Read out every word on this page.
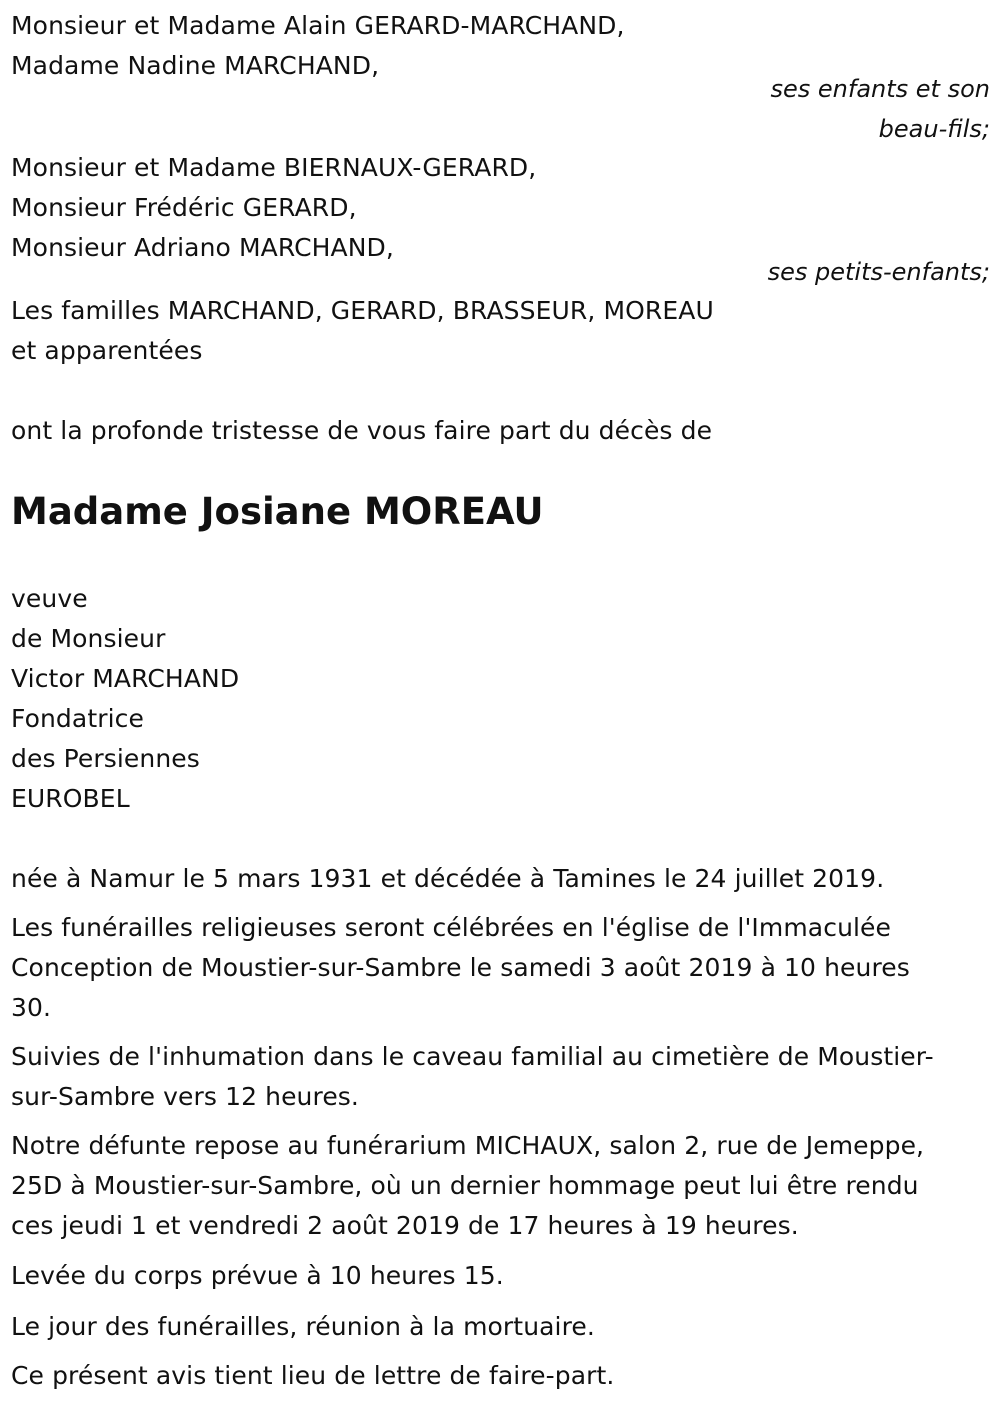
Monsieur et Madame Alain GERARD-MARCHAND,
Madame Nadine MARCHAND,
ses enfants et son
beau-fils;
Monsieur et Madame BIERNAUX-GERARD,
Monsieur Frédéric GERARD,
Monsieur Adriano MARCHAND,
ses petits-enfants;
Les familles MARCHAND, GERARD, BRASSEUR, MOREAU
et apparentées
ont la profonde tristesse de vous faire part du décès de
Madame Josiane MOREAU
veuve
de Monsieur
Victor MARCHAND
Fondatrice
des Persiennes
EUROBEL
née à Namur le 5 mars 1931 et décédée à Tamines le 24 juillet 2019.
Les funérailles religieuses seront célébrées en l'église de l'Immaculée
Conception de Moustier-sur-Sambre le samedi 3 août 2019 à 10 heures
30.
Suivies de l'inhumation dans le caveau familial au cimetière de Moustier-
sur-Sambre vers 12 heures.
Notre défunte repose au funérarium MICHAUX, salon 2, rue de Jemeppe,
25D à Moustier-sur-Sambre, où un dernier hommage peut lui être rendu
ces jeudi 1 et vendredi 2 août 2019 de 17 heures à 19 heures.
Levée du corps prévue à 10 heures 15.
Le jour des funérailles, réunion à la mortuaire.
Ce présent avis tient lieu de lettre de faire-part.
